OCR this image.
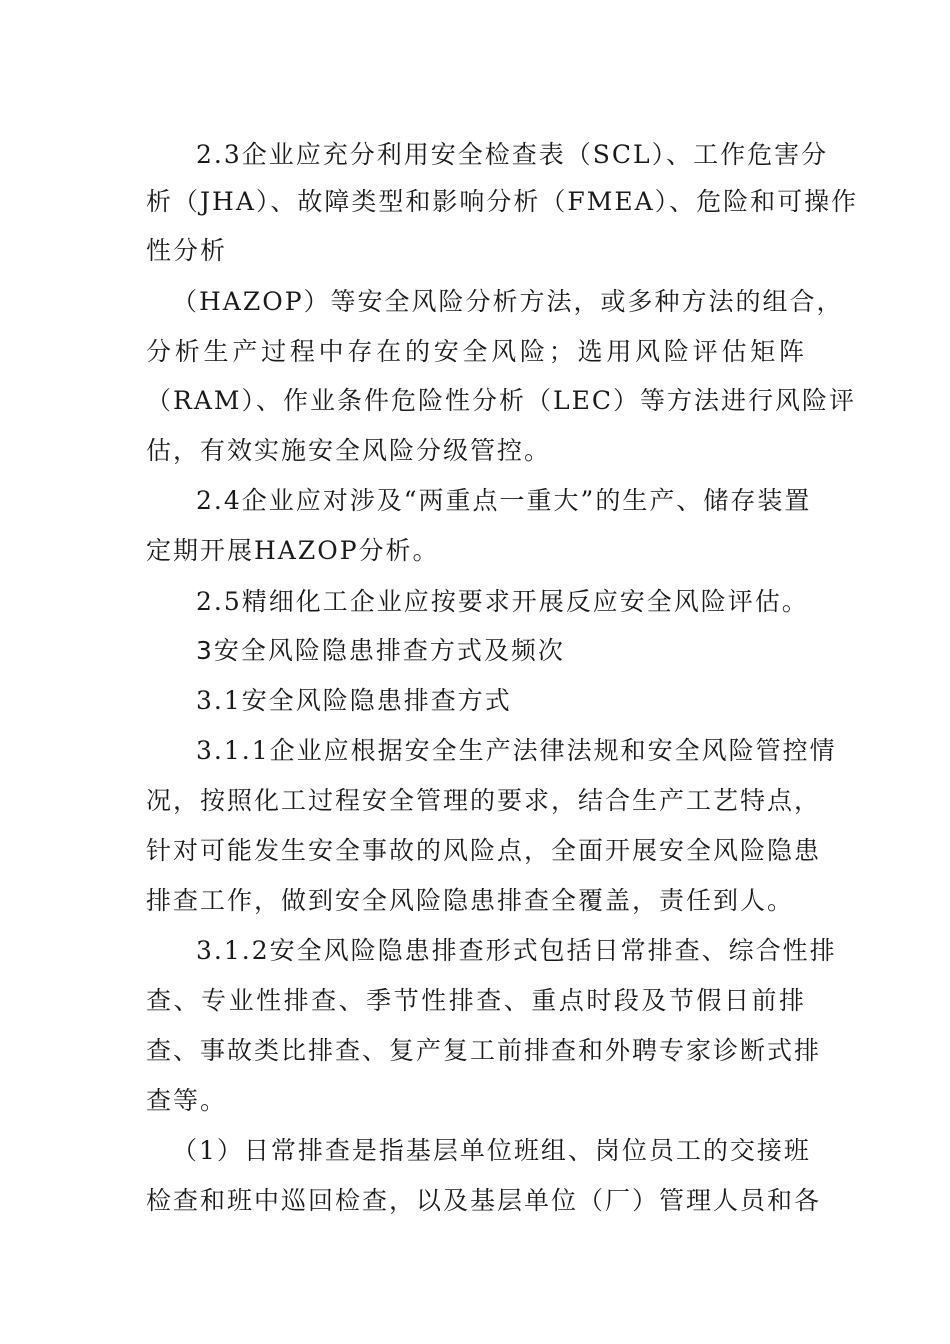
2.3企业应充分利用安全检查表（SCL）、工作危害分
析（JHA）、故障类型和影响分析（FMEA）、危险和可操作
性分析
（HAZOP）等安全风险分析方法，或多种方法的组合，
分析生产过程中存在的安全风险；选用风险评估矩阵
（RAM）、作业条件危险性分析（LEC）等方法进行风险评
估，有效实施安全风险分级管控。
2.4企业应对涉及“两重点一重大”的生产、储存装置
定期开展HAZOP分析。
2.5精细化工企业应按要求开展反应安全风险评估。
3安全风险隐患排查方式及频次
3.1安全风险隐患排查方式
3.1.1企业应根据安全生产法律法规和安全风险管控情
况，按照化工过程安全管理的要求，结合生产工艺特点，
针对可能发生安全事故的风险点，全面开展安全风险隐患
排查工作，做到安全风险隐患排查全覆盖，责任到人。
3.1.2安全风险隐患排查形式包括日常排查、综合性排
查、专业性排查、季节性排查、重点时段及节假日前排
查、事故类比排查、复产复工前排查和外聘专家诊断式排
查等。
（1）日常排查是指基层单位班组、岗位员工的交接班
检查和班中巡回检查，以及基层单位（厂）管理人员和各
